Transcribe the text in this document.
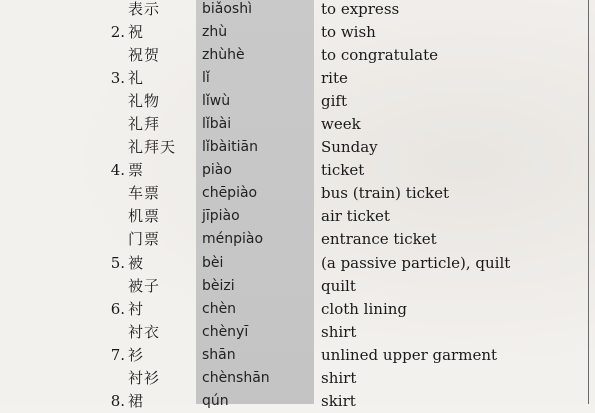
表示	biǎoshì	to express
2. 祝	zhù	to wish
祝贺	zhùhè	to congratulate
3. 礼	lǐ	rite
礼物	lǐwù	gift
礼拜	lǐbài	week
礼拜天 lǐbàitiān	Sunday
4. 票	piào	ticket
车票	chēpiào	bus (train) ticket
机票	jīpiào	air ticket
门票	ménpiào	entrance ticket
5. 被	bèi	(a passive particle), quilt
被子	bèizi	quilt
6. 衬	chèn	cloth lining
衬衣	chènyī	shirt
7. 衫	shān	unlined upper garment
衬衫	chènshān	shirt
8. 裙	qún	skirt
